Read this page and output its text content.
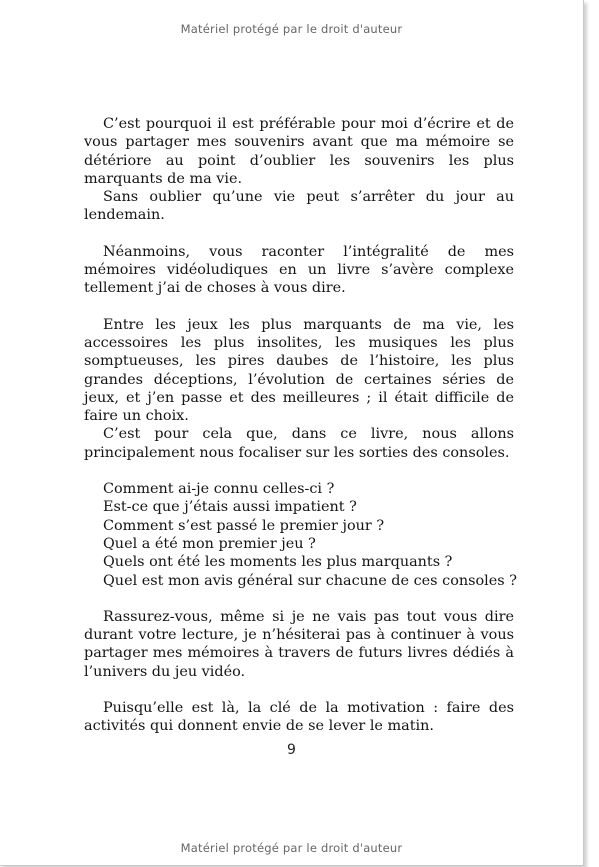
Matériel protégé par le droit d'auteur

C’est pourquoi il est préférable pour moi d’écrire et de vous partager mes souvenirs avant que ma mémoire se détériore au point d’oublier les souvenirs les plus marquants de ma vie.

Sans oublier qu’une vie peut s’arrêter du jour au lendemain.

Néanmoins, vous raconter l’intégralité de mes mémoires vidéoludiques en un livre s’avère complexe tellement j’ai de choses à vous dire.

Entre les jeux les plus marquants de ma vie, les accessoires les plus insolites, les musiques les plus somptueuses, les pires daubes de l’histoire, les plus grandes déceptions, l’évolution de certaines séries de jeux, et j’en passe et des meilleures ; il était difficile de faire un choix.

C’est pour cela que, dans ce livre, nous allons principalement nous focaliser sur les sorties des consoles.

Comment ai-je connu celles-ci ?

Est-ce que j’étais aussi impatient ?

Comment s’est passé le premier jour ?

Quel a été mon premier jeu ?

Quels ont été les moments les plus marquants ?

Quel est mon avis général sur chacune de ces consoles ?

Rassurez-vous, même si je ne vais pas tout vous dire durant votre lecture, je n’hésiterai pas à continuer à vous partager mes mémoires à travers de futurs livres dédiés à l’univers du jeu vidéo.

Puisqu’elle est là, la clé de la motivation : faire des activités qui donnent envie de se lever le matin.

9
Matériel protégé par le droit d'auteur
